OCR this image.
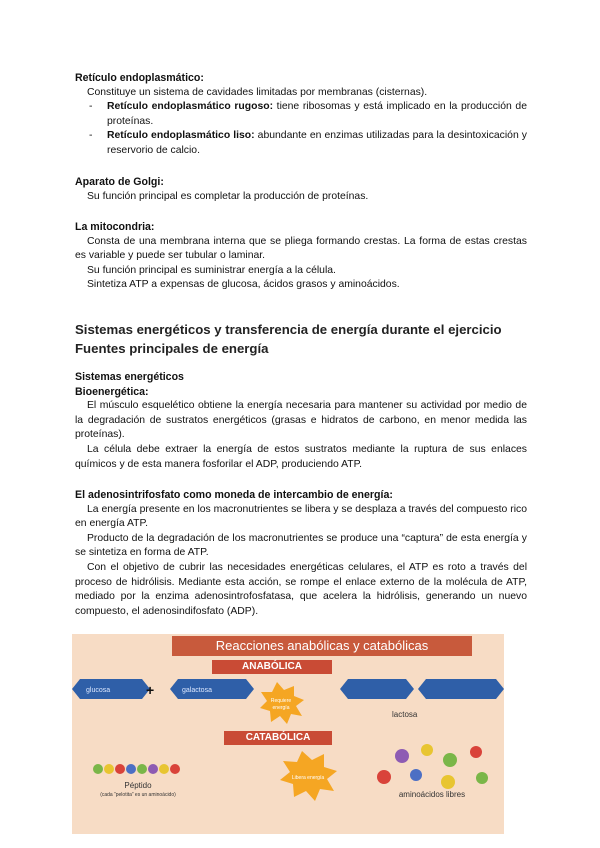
Retículo endoplasmático:

Constituye un sistema de cavidades limitadas por membranas (cisternas).

- Retículo endoplasmático rugoso: tiene ribosomas y está implicado en la producción de proteínas.
- Retículo endoplasmático liso: abundante en enzimas utilizadas para la desintoxicación y reservorio de calcio.
Aparato de Golgi:

Su función principal es completar la producción de proteínas.

La mitocondria:

Consta de una membrana interna que se pliega formando crestas. La forma de estas crestas es variable y puede ser tubular o laminar.

Su función principal es suministrar energía a la célula.

Sintetiza ATP a expensas de glucosa, ácidos grasos y aminoácidos.

Sistemas energéticos y transferencia de energía durante el ejercicio
Fuentes principales de energía
Sistemas energéticos
Bioenergética:

El músculo esquelético obtiene la energía necesaria para mantener su actividad por medio de la degradación de sustratos energéticos (grasas e hidratos de carbono, en menor medida las proteínas).

La célula debe extraer la energía de estos sustratos mediante la ruptura de sus enlaces químicos y de esta manera fosforilar el ADP, produciendo ATP.

El adenosintrifosfato como moneda de intercambio de energía:

La energía presente en los macronutrientes se libera y se desplaza a través del compuesto rico en energía ATP.

Producto de la degradación de los macronutrientes se produce una “captura” de esta energía y se sintetiza en forma de ATP.

Con el objetivo de cubrir las necesidades energéticas celulares, el ATP es roto a través del proceso de hidrólisis. Mediante esta acción, se rompe el enlace externo de la molécula de ATP, mediado por la enzima adenosintrofosfatasa, que acelera la hidrólisis, generando un nuevo compuesto, el adenosindifosfato (ADP).

Reacciones anabólicas y catabólicas
ANABÓLICA
CATABÓLICA
glucosa	+	galactosa
lactosa
Requiere
energía
Péptido
(cada “pelotita” es un aminoácido)
Libera energía
aminoácidos libres
